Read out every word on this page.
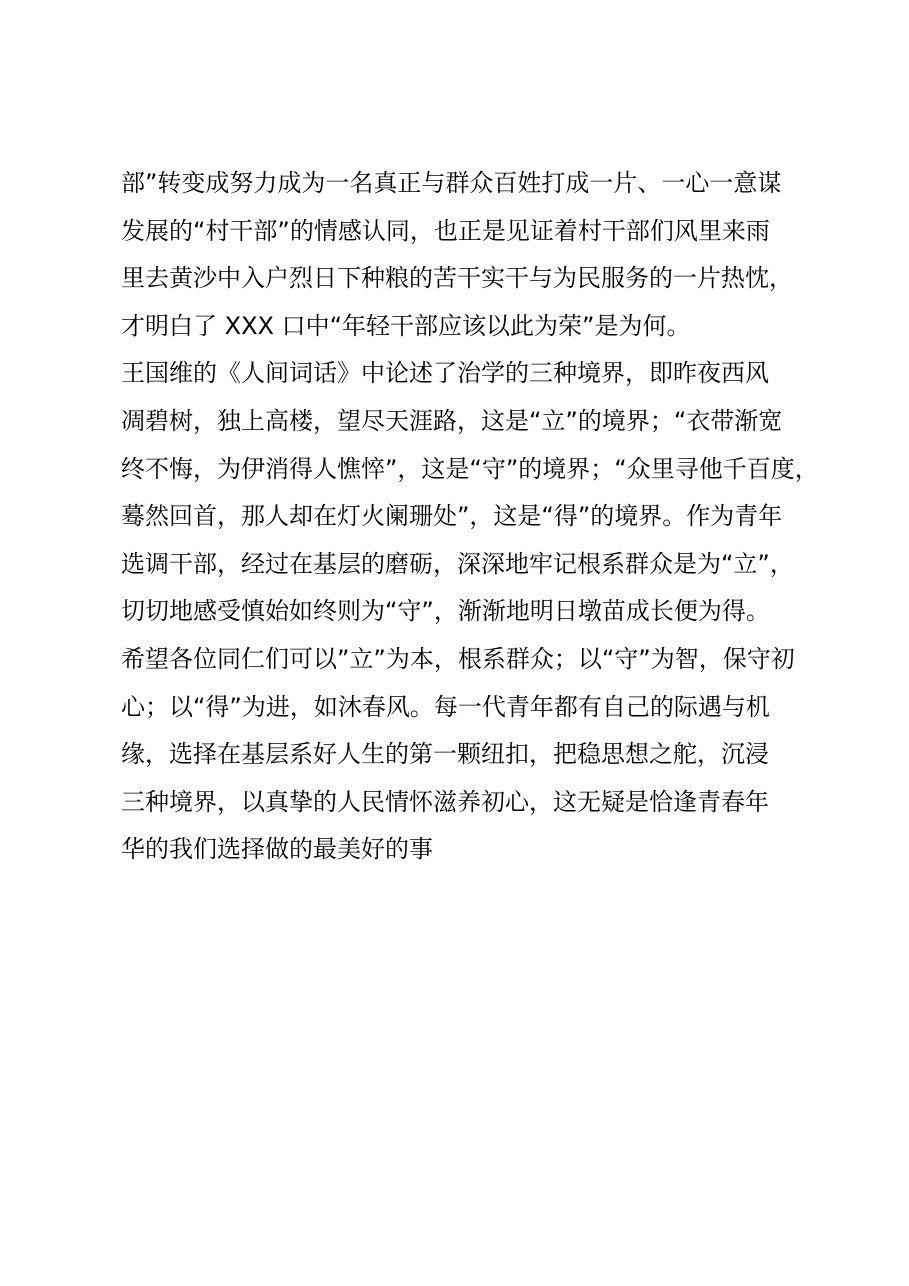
部”转变成努力成为一名真正与群众百姓打成一片、一心一意谋
发展的“村干部”的情感认同，也正是见证着村干部们风里来雨
里去黄沙中入户烈日下种粮的苦干实干与为民服务的一片热忱，
才明白了 XXX 口中“年轻干部应该以此为荣”是为何。
王国维的《人间词话》中论述了治学的三种境界，即昨夜西风
凋碧树，独上高楼，望尽天涯路，这是“立”的境界；“衣带渐宽
终不悔，为伊消得人憔悴”，这是“守”的境界；“众里寻他千百度，
蓦然回首，那人却在灯火阑珊处”，这是“得”的境界。作为青年
选调干部，经过在基层的磨砺，深深地牢记根系群众是为“立”，
切切地感受慎始如终则为“守”，渐渐地明日墩苗成长便为得。
希望各位同仁们可以”立”为本，根系群众；以“守”为智，保守初
心；以“得”为进，如沐春风。每一代青年都有自己的际遇与机
缘，选择在基层系好人生的第一颗纽扣，把稳思想之舵，沉浸
三种境界，以真挚的人民情怀滋养初心，这无疑是恰逢青春年
华的我们选择做的最美好的事
